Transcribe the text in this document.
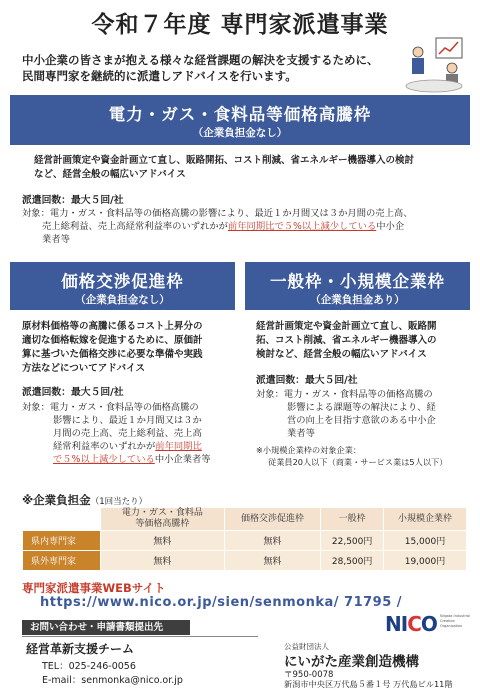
令和７年度 専門家派遣事業
中小企業の皆さまが抱える様々な経営課題の解決を支援するために、
民間専門家を継続的に派遣しアドバイスを行います。
電力・ガス・食料品等価格高騰枠
（企業負担金なし）
経営計画策定や資金計画立て直し、販路開拓、コスト削減、省エネルギー機器導入の検討
など、経営全般の幅広いアドバイス
派遣回数：最大５回/社
対象：電力・ガス・食料品等の価格高騰の影響により、最近１か月間又は３か月間の売上高、
売上総利益、売上高経常利益率のいずれかが前年同期比で５%以上減少している中小企
業者等
価格交渉促進枠
（企業負担金なし）
原材料価格等の高騰に係るコスト上昇分の
適切な価格転嫁を促進するために、原価計
算に基づいた価格交渉に必要な準備や実践
方法などについてアドバイス
派遣回数：最大５回/社
対象：電力・ガス・食料品等の価格高騰の
影響により、最近１か月間又は３か
月間の売上高、売上総利益、売上高
経常利益率のいずれかが前年同期比
で５%以上減少している中小企業者等
一般枠・小規模企業枠
（企業負担金あり）
経営計画策定や資金計画立て直し、販路開
拓、コスト削減、省エネルギー機器導入の
検討など、経営全般の幅広いアドバイス
派遣回数：最大５回/社
対象：電力・ガス・食料品等の価格高騰の
影響による課題等の解決により、経
営の向上を目指す意欲のある中小企
業者等
※小規模企業枠の対象企業：
従業員20人以下（商業・サービス業は5人以下）
※企業負担金（1回当たり）
	電力・ガス・食料品
等価格高騰枠	価格交渉促進枠	一般枠	小規模企業枠
県内専門家	無料	無料	22,500円	15,000円
県外専門家	無料	無料	28,500円	19,000円
専門家派遣事業WEBサイト
https://www.nico.or.jp/sien/senmonka/ 71795 /
お問い合わせ・申請書類提出先
経営革新支援チーム
TEL：025-246-0056
E-mail：senmonka@nico.or.jp
NICO Niigata Industrial Creation Organization
公益財団法人
にいがた産業創造機構
〒950-0078
新潟市中央区万代島５番１号 万代島ビル11階
